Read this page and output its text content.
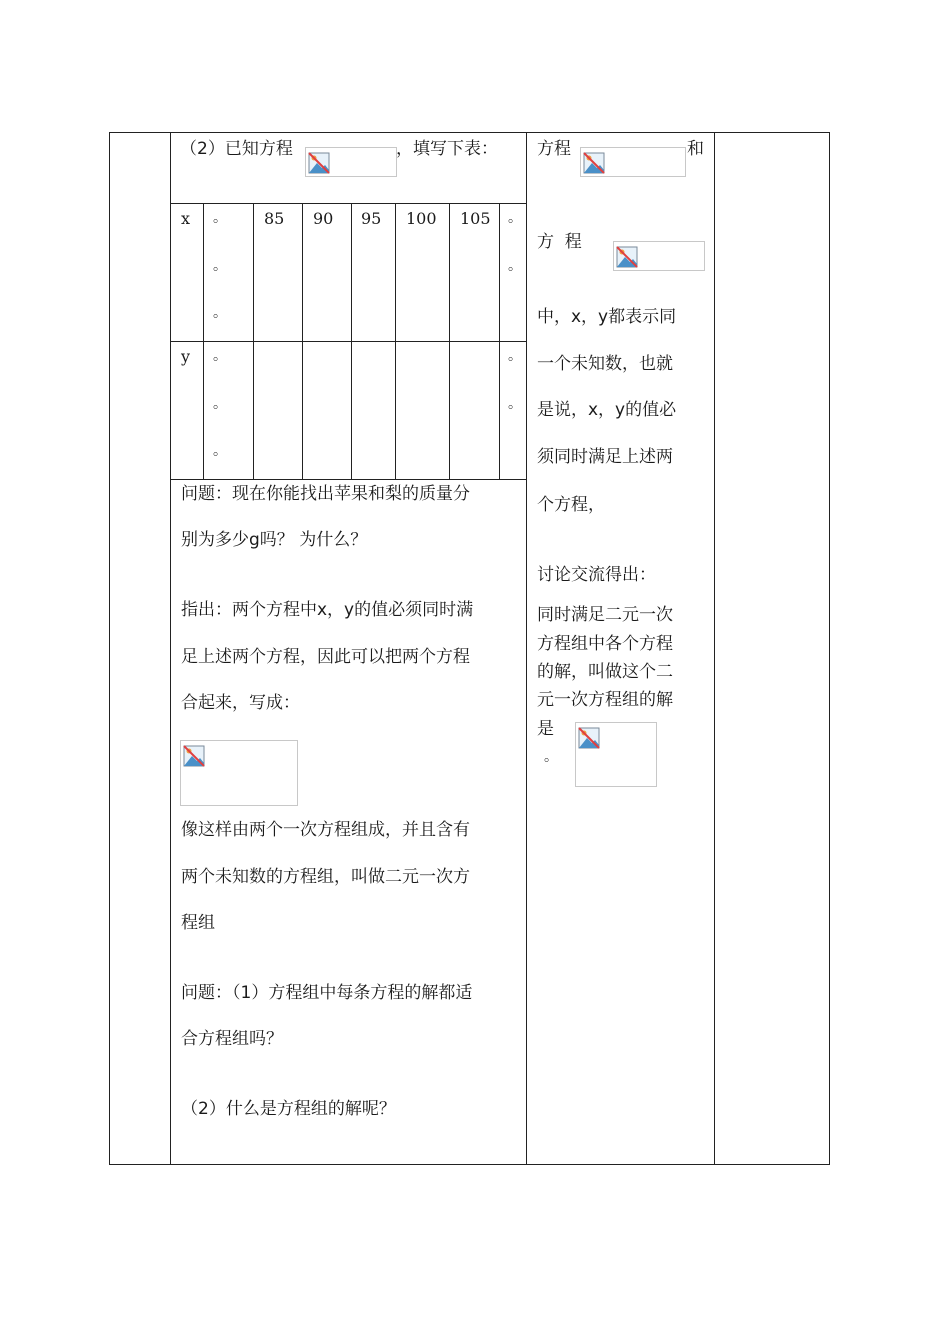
（2）已知方程	，填写下表：
x 。
。
。
85 90 95 100 105 。
。
y 。
。
。
。
。
问题：现在你能找出苹果和梨的质量分
别为多少g吗？ 为什么？
指出：两个方程中x，y的值必须同时满
足上述两个方程，因此可以把两个方程
合起来，写成：
像这样由两个一次方程组成，并且含有
两个未知数的方程组，叫做二元一次方
程组
问题：（1）方程组中每条方程的解都适
合方程组吗？
（2）什么是方程组的解呢？
方程	和
方  程
中，x，y都表示同
一个未知数，也就
是说，x，y的值必
须同时满足上述两
个方程，
讨论交流得出：
同时满足二元一次
方程组中各个方程
的解，叫做这个二
元一次方程组的解
是
。
